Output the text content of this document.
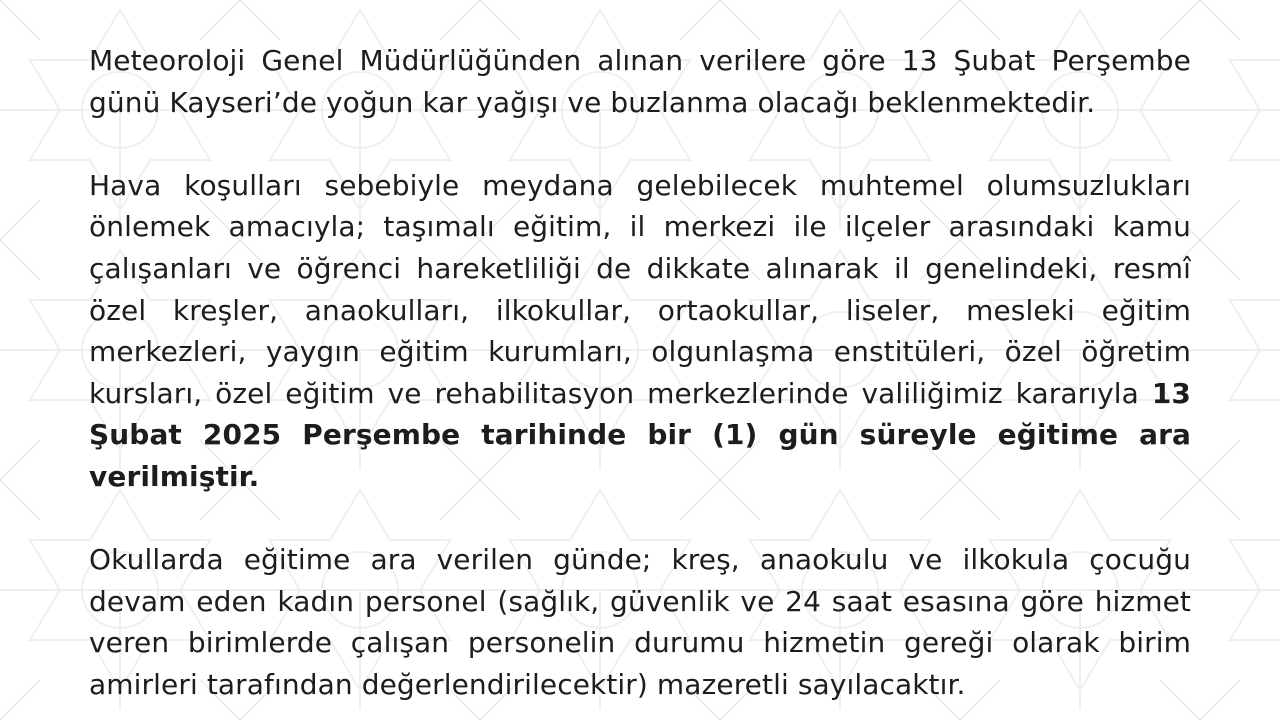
Meteoroloji Genel Müdürlüğünden alınan verilere göre 13 Şubat Perşembe günü Kayseri’de yoğun kar yağışı ve buzlanma olacağı beklenmektedir.

Hava koşulları sebebiyle meydana gelebilecek muhtemel olumsuzlukları önlemek amacıyla; taşımalı eğitim, il merkezi ile ilçeler arasındaki kamu çalışanları ve öğrenci hareketliliği de dikkate alınarak il genelindeki, resmî özel kreşler, anaokulları, ilkokullar, ortaokullar, liseler, mesleki eğitim merkezleri, yaygın eğitim kurumları, olgunlaşma enstitüleri, özel öğretim kursları, özel eğitim ve rehabilitasyon merkezlerinde valiliğimiz kararıyla 13 Şubat 2025 Perşembe tarihinde bir (1) gün süreyle eğitime ara verilmiştir.

Okullarda eğitime ara verilen günde; kreş, anaokulu ve ilkokula çocuğu devam eden kadın personel (sağlık, güvenlik ve 24 saat esasına göre hizmet veren birimlerde çalışan personelin durumu hizmetin gereği olarak birim amirleri tarafından değerlendirilecektir) mazeretli sayılacaktır.
